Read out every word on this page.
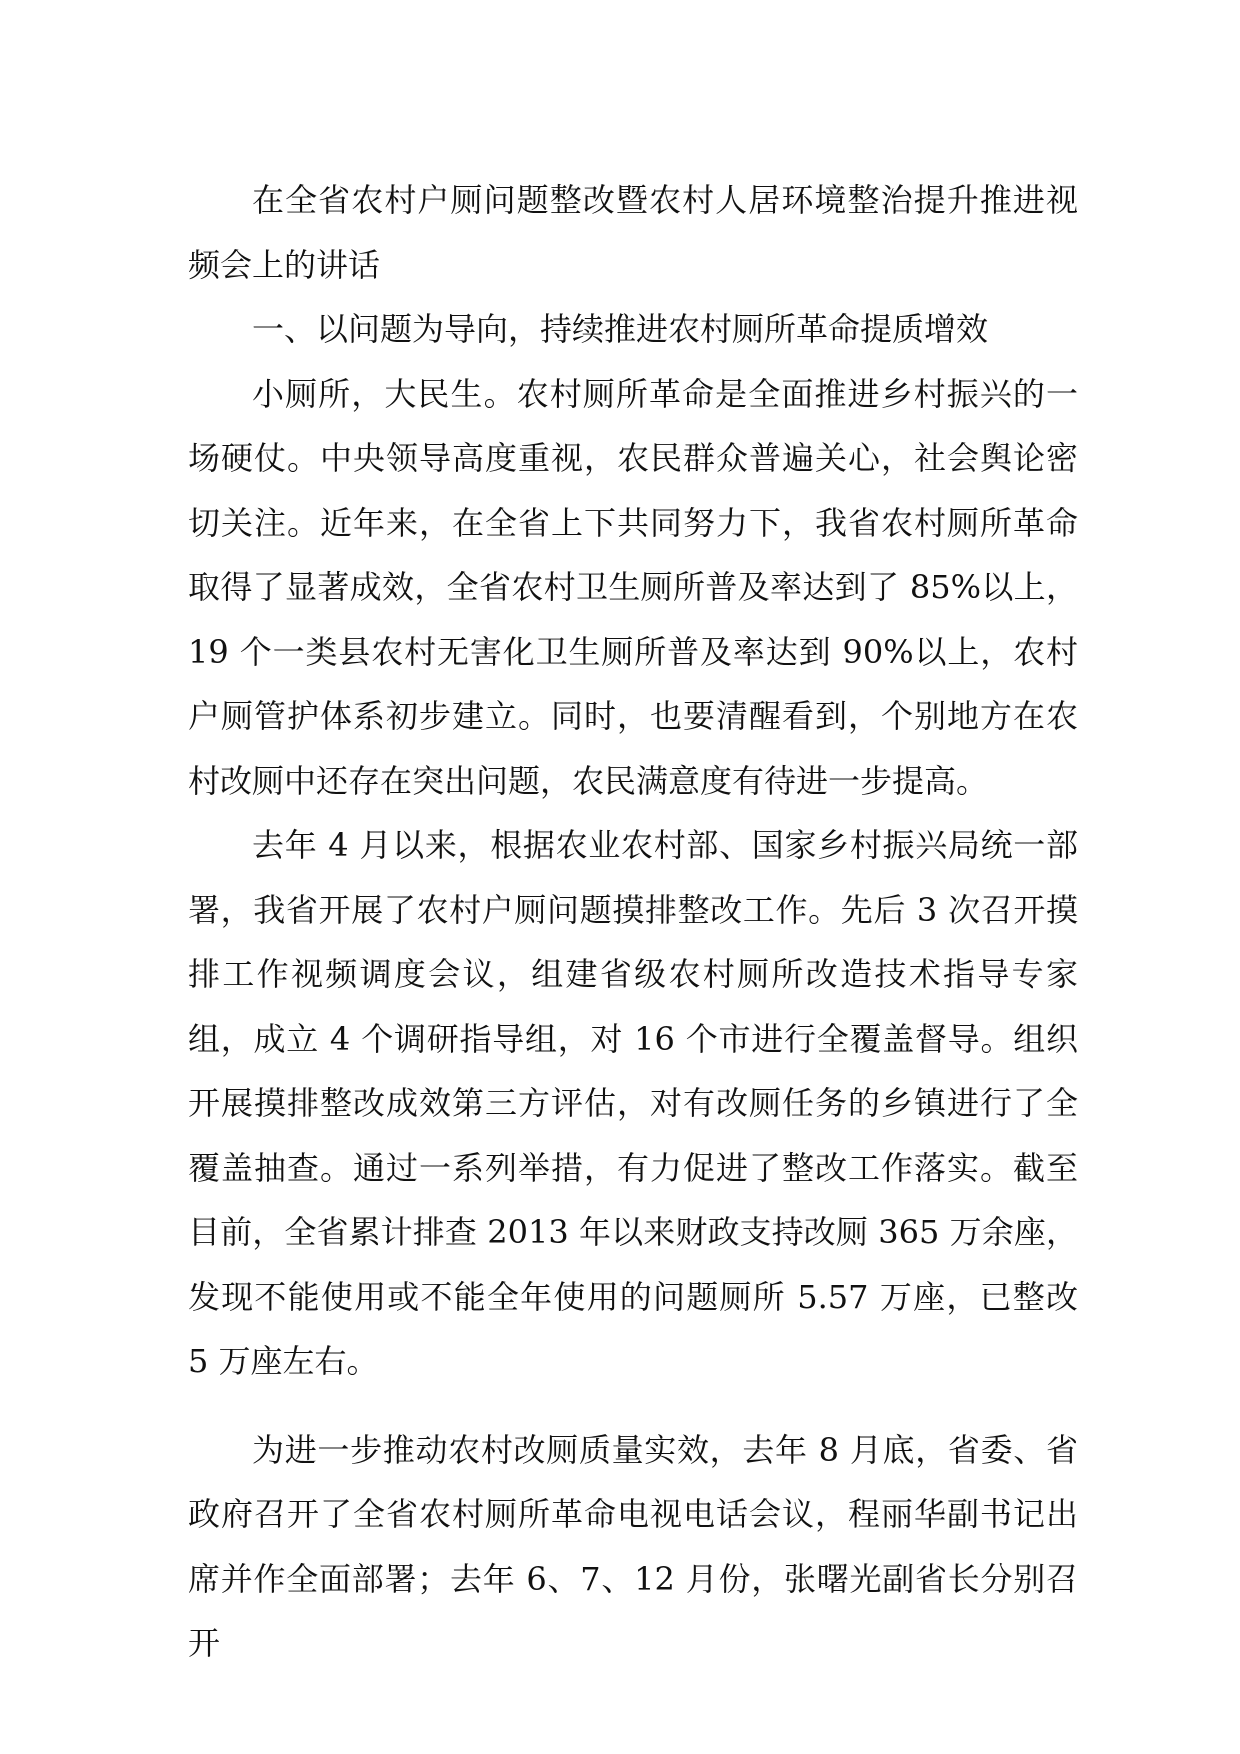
在全省农村户厕问题整改暨农村人居环境整治提升推进视频会上的讲话

一、以问题为导向，持续推进农村厕所革命提质增效

小厕所，大民生。农村厕所革命是全面推进乡村振兴的一场硬仗。中央领导高度重视，农民群众普遍关心，社会舆论密切关注。近年来，在全省上下共同努力下，我省农村厕所革命取得了显著成效，全省农村卫生厕所普及率达到了 85%以上，19 个一类县农村无害化卫生厕所普及率达到 90%以上，农村户厕管护体系初步建立。同时，也要清醒看到，个别地方在农村改厕中还存在突出问题，农民满意度有待进一步提高。

去年 4 月以来，根据农业农村部、国家乡村振兴局统一部署，我省开展了农村户厕问题摸排整改工作。先后 3 次召开摸排工作视频调度会议，组建省级农村厕所改造技术指导专家组，成立 4 个调研指导组，对 16 个市进行全覆盖督导。组织开展摸排整改成效第三方评估，对有改厕任务的乡镇进行了全覆盖抽查。通过一系列举措，有力促进了整改工作落实。截至目前，全省累计排查 2013 年以来财政支持改厕 365 万余座，发现不能使用或不能全年使用的问题厕所 5.57 万座，已整改 5 万座左右。

为进一步推动农村改厕质量实效，去年 8 月底，省委、省政府召开了全省农村厕所革命电视电话会议，程丽华副书记出席并作全面部署；去年 6、7、12 月份，张曙光副省长分别召开
